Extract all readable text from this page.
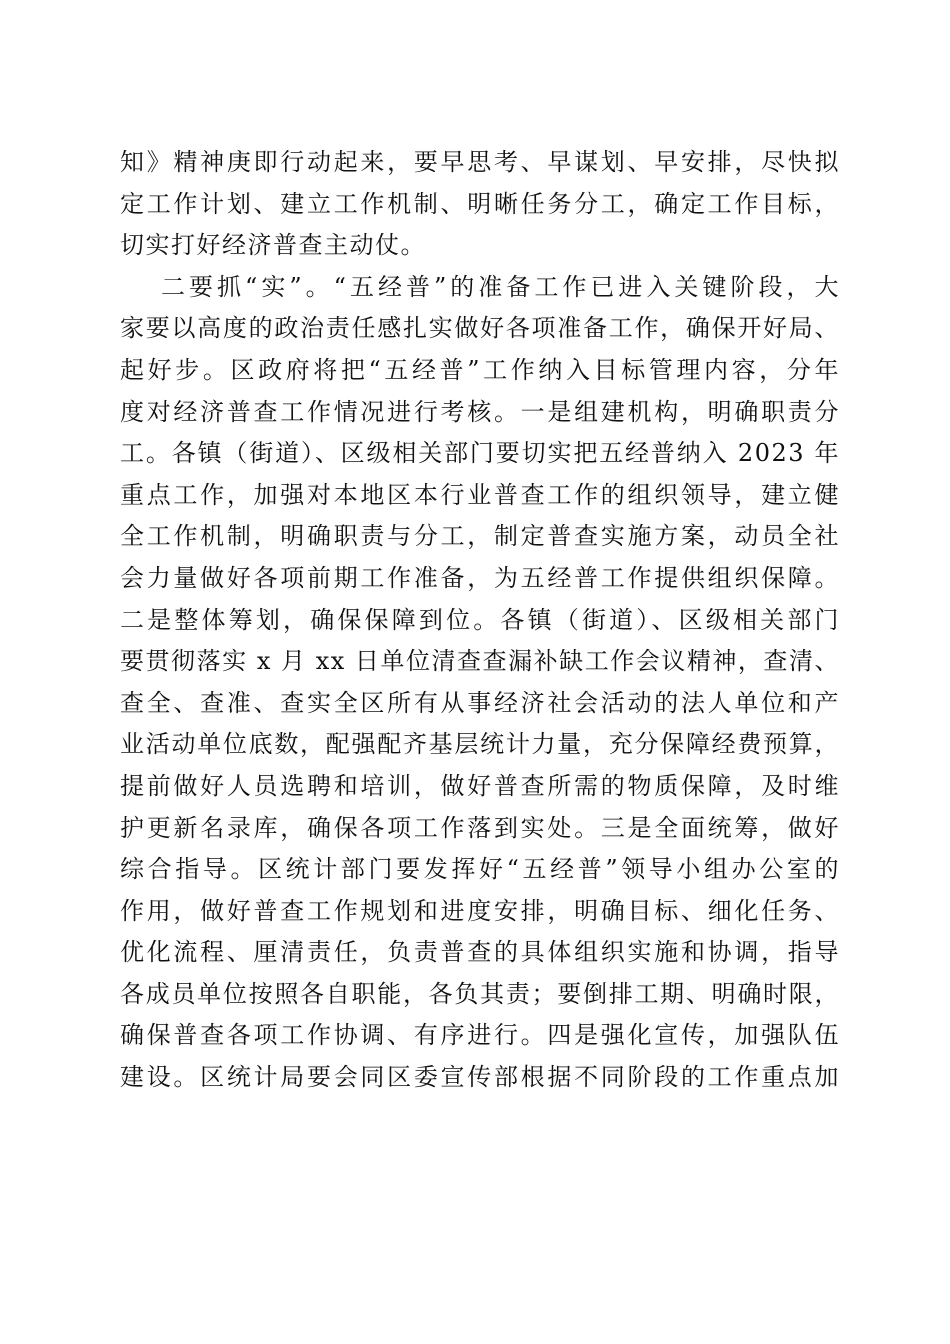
知》精神庚即行动起来，要早思考、早谋划、早安排，尽快拟
定工作计划、建立工作机制、明晰任务分工，确定工作目标，
切实打好经济普查主动仗。
二要抓“实”。“五经普”的准备工作已进入关键阶段，大
家要以高度的政治责任感扎实做好各项准备工作，确保开好局、
起好步。区政府将把“五经普”工作纳入目标管理内容，分年
度对经济普查工作情况进行考核。一是组建机构，明确职责分
工。各镇（街道）、区级相关部门要切实把五经普纳入 2023 年
重点工作，加强对本地区本行业普查工作的组织领导，建立健
全工作机制，明确职责与分工，制定普查实施方案，动员全社
会力量做好各项前期工作准备，为五经普工作提供组织保障。
二是整体筹划，确保保障到位。各镇（街道）、区级相关部门
要贯彻落实 x 月 xx 日单位清查查漏补缺工作会议精神，查清、
查全、查准、查实全区所有从事经济社会活动的法人单位和产
业活动单位底数，配强配齐基层统计力量，充分保障经费预算，
提前做好人员选聘和培训，做好普查所需的物质保障，及时维
护更新名录库，确保各项工作落到实处。三是全面统筹，做好
综合指导。区统计部门要发挥好“五经普”领导小组办公室的
作用，做好普查工作规划和进度安排，明确目标、细化任务、
优化流程、厘清责任，负责普查的具体组织实施和协调，指导
各成员单位按照各自职能，各负其责；要倒排工期、明确时限，
确保普查各项工作协调、有序进行。四是强化宣传，加强队伍
建设。区统计局要会同区委宣传部根据不同阶段的工作重点加
